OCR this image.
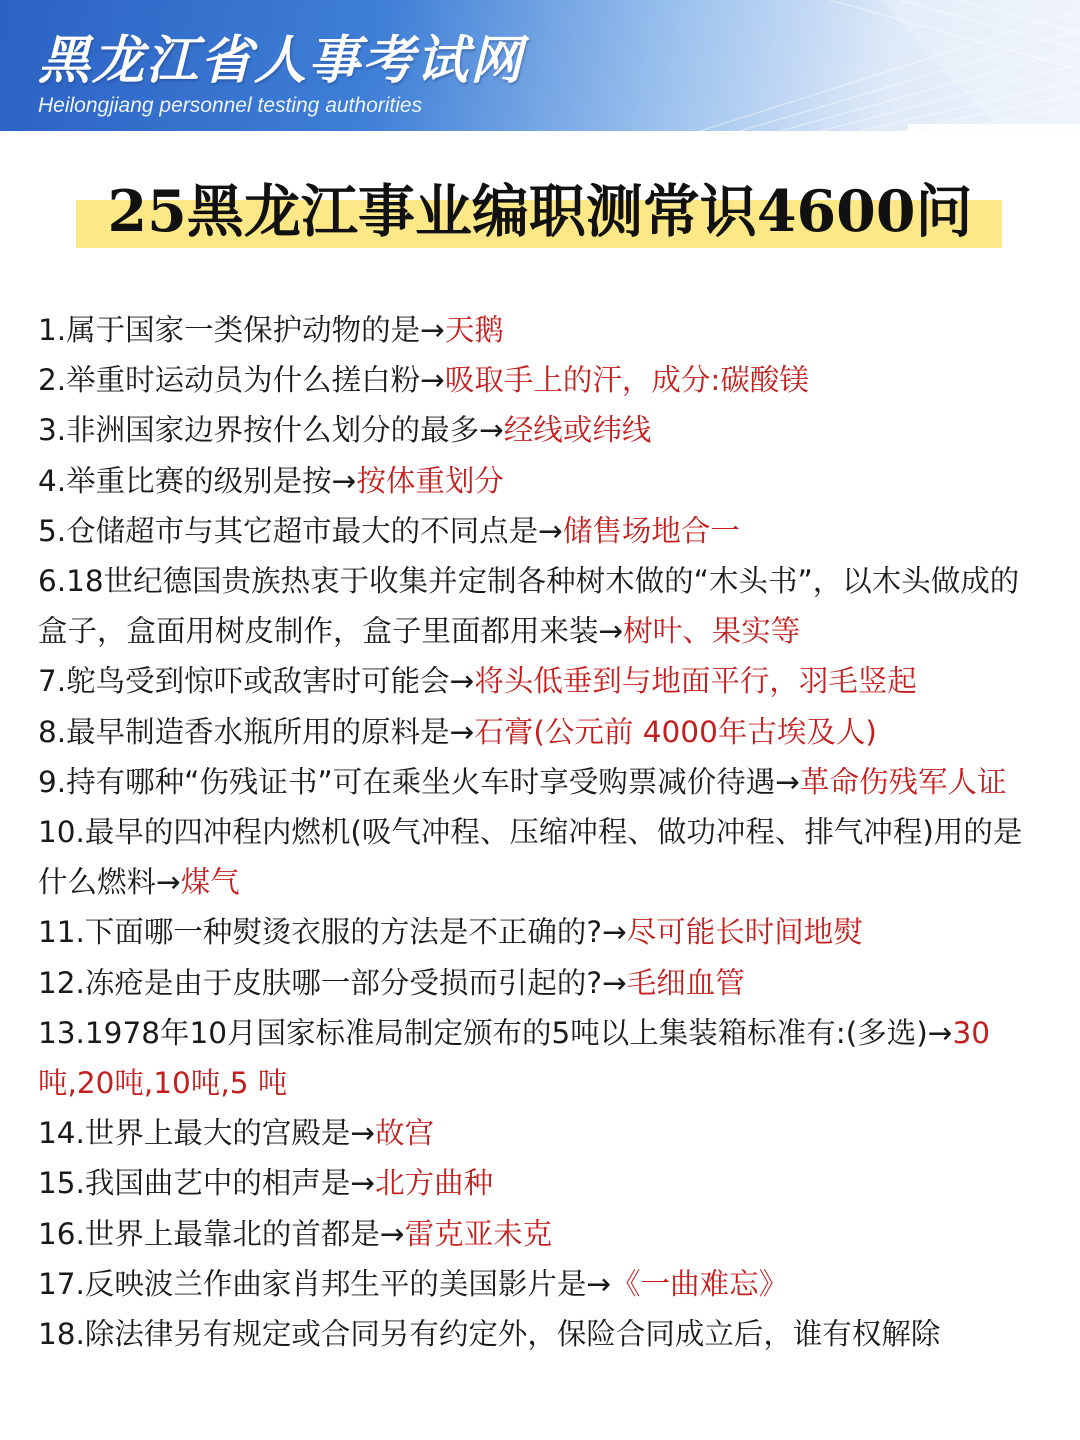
黑龙江省人事考试网
Heilongjiang personnel testing authorities
25黑龙江事业编职测常识4600问
1.属于国家一类保护动物的是→天鹅
2.举重时运动员为什么搓白粉→吸取手上的汗，成分:碳酸镁
3.非洲国家边界按什么划分的最多→经线或纬线
4.举重比赛的级别是按→按体重划分
5.仓储超市与其它超市最大的不同点是→储售场地合一
6.18世纪德国贵族热衷于收集并定制各种树木做的“木头书”，以木头做成的盒子，盒面用树皮制作，盒子里面都用来装→树叶、果实等
7.鸵鸟受到惊吓或敌害时可能会→将头低垂到与地面平行，羽毛竖起
8.最早制造香水瓶所用的原料是→石膏(公元前 4000年古埃及人)
9.持有哪种“伤残证书”可在乘坐火车时享受购票减价待遇→革命伤残军人证
10.最早的四冲程内燃机(吸气冲程、压缩冲程、做功冲程、排气冲程)用的是什么燃料→煤气
11.下面哪一种熨烫衣服的方法是不正确的?→尽可能长时间地熨
12.冻疮是由于皮肤哪一部分受损而引起的?→毛细血管
13.1978年10月国家标准局制定颁布的5吨以上集装箱标准有:(多选)→30吨,20吨,10吨,5 吨
14.世界上最大的宫殿是→故宫
15.我国曲艺中的相声是→北方曲种
16.世界上最靠北的首都是→雷克亚未克
17.反映波兰作曲家肖邦生平的美国影片是→《一曲难忘》
18.除法律另有规定或合同另有约定外，保险合同成立后，谁有权解除
